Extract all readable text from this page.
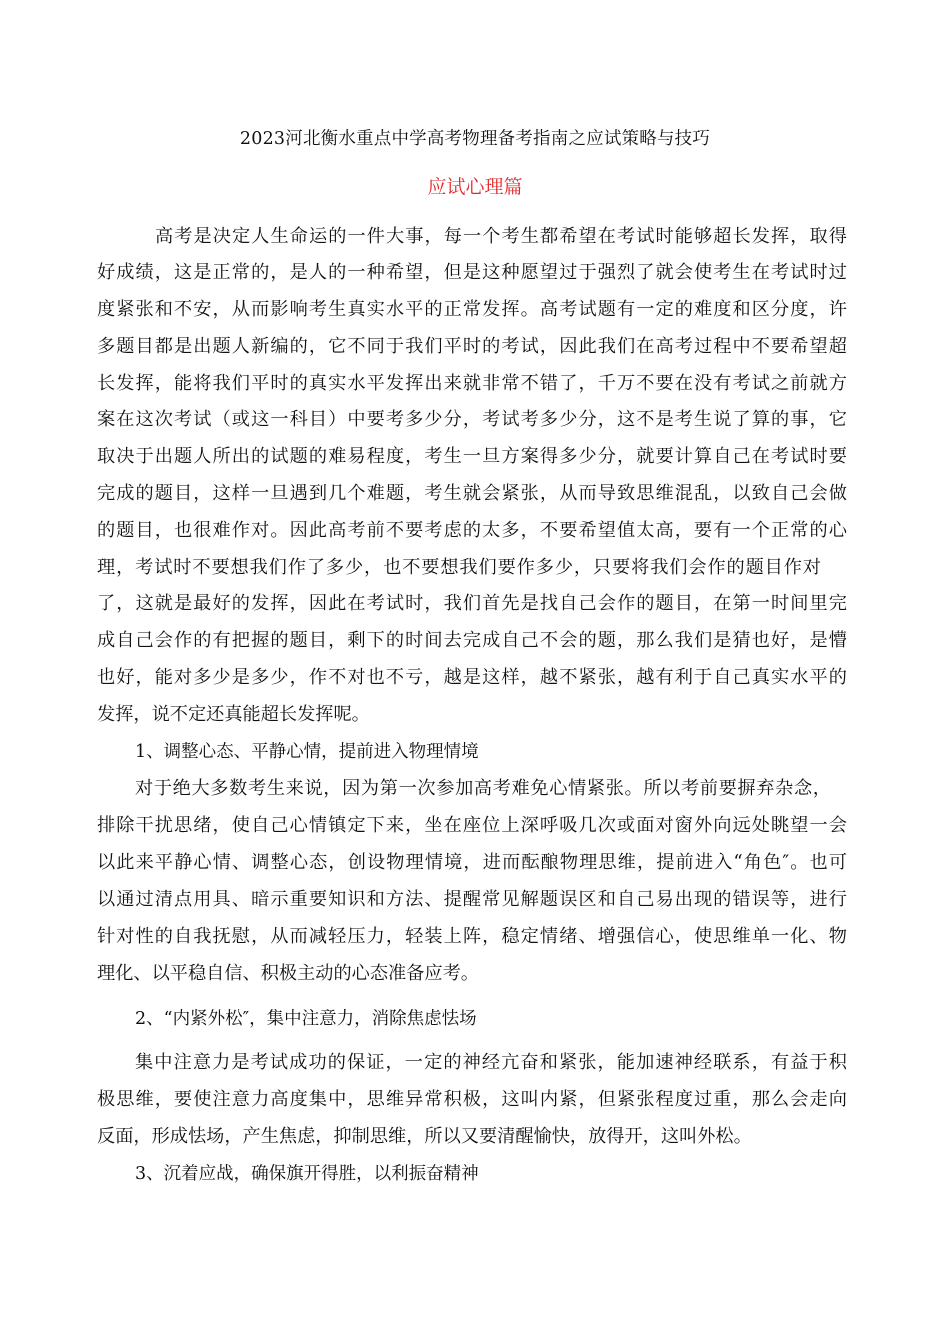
2023河北衡水重点中学高考物理备考指南之应试策略与技巧
应试心理篇
高考是决定人生命运的一件大事，每一个考生都希望在考试时能够超长发挥，取得
好成绩，这是正常的，是人的一种希望，但是这种愿望过于强烈了就会使考生在考试时过
度紧张和不安，从而影响考生真实水平的正常发挥。高考试题有一定的难度和区分度，许
多题目都是出题人新编的，它不同于我们平时的考试，因此我们在高考过程中不要希望超
长发挥，能将我们平时的真实水平发挥出来就非常不错了，千万不要在没有考试之前就方
案在这次考试（或这一科目）中要考多少分，考试考多少分，这不是考生说了算的事，它
取决于出题人所出的试题的难易程度，考生一旦方案得多少分，就要计算自己在考试时要
完成的题目，这样一旦遇到几个难题，考生就会紧张，从而导致思维混乱，以致自己会做
的题目，也很难作对。因此高考前不要考虑的太多，不要希望值太高，要有一个正常的心
理，考试时不要想我们作了多少，也不要想我们要作多少，只要将我们会作的题目作对
了，这就是最好的发挥，因此在考试时，我们首先是找自己会作的题目，在第一时间里完
成自己会作的有把握的题目，剩下的时间去完成自己不会的题，那么我们是猜也好，是懵
也好，能对多少是多少，作不对也不亏，越是这样，越不紧张，越有利于自己真实水平的
发挥，说不定还真能超长发挥呢。
1、调整心态、平静心情，提前进入物理情境
对于绝大多数考生来说，因为第一次参加高考难免心情紧张。所以考前要摒弃杂念，
排除干扰思绪，使自己心情镇定下来，坐在座位上深呼吸几次或面对窗外向远处眺望一会
以此来平静心情、调整心态，创设物理情境，进而酝酿物理思维，提前进入“角色″。也可
以通过清点用具、暗示重要知识和方法、提醒常见解题误区和自己易出现的错误等，进行
针对性的自我抚慰，从而减轻压力，轻装上阵，稳定情绪、增强信心，使思维单一化、物
理化、以平稳自信、积极主动的心态准备应考。
2、“内紧外松″，集中注意力，消除焦虑怯场
集中注意力是考试成功的保证，一定的神经亢奋和紧张，能加速神经联系，有益于积
极思维，要使注意力高度集中，思维异常积极，这叫内紧，但紧张程度过重，那么会走向
反面，形成怯场，产生焦虑，抑制思维，所以又要清醒愉快，放得开，这叫外松。
3、沉着应战，确保旗开得胜，以利振奋精神
